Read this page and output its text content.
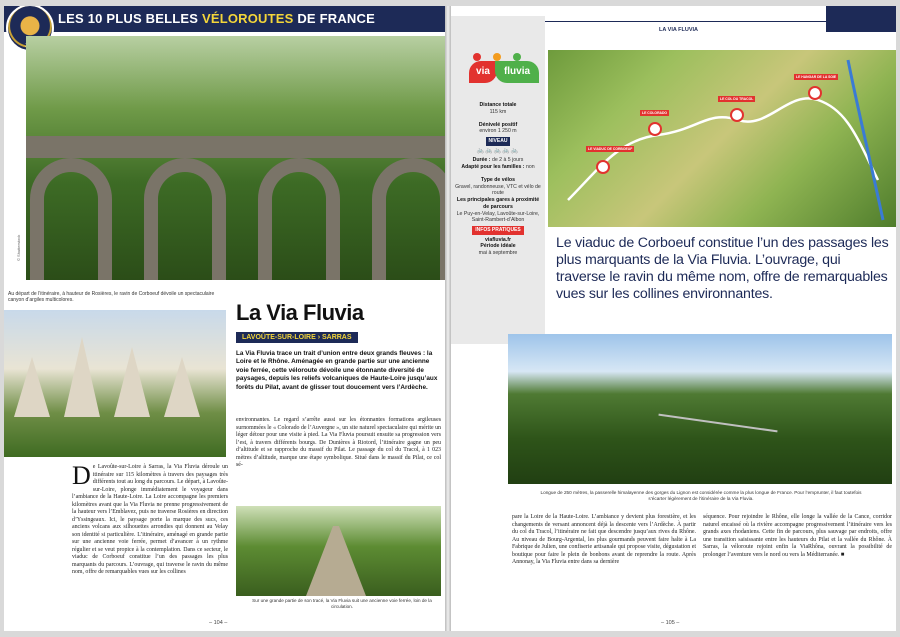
LES 10 PLUS BELLES VÉLOROUTES DE FRANCE
© Shutterstock
Au départ de l’itinéraire, à hauteur de Rosières, le ravin de Corboeuf dévoile un spectaculaire canyon d’argiles multicolores.	La Via Fluvia
LAVOÛTE-SUR-LOIRE › SARRAS
La Via Fluvia trace un trait d’union entre deux grands fleuves : la Loire et le Rhône. Aménagée en grande partie sur une ancienne voie ferrée, cette véloroute dévoile une étonnante diversité de paysages, depuis les reliefs volcaniques de Haute-Loire jusqu’aux forêts du Pilat, avant de glisser tout doucement vers l’Ardèche.
De Lavoûte-sur-Loire à Sarras, la Via Fluvia déroule un itinéraire sur 115 kilomètres à travers des paysages très différents tout au long du parcours. Le départ, à Lavoûte-sur-Loire, plonge immédiatement le voyageur dans l’ambiance de la Haute-Loire. La Loire accompagne les premiers kilomètres avant que la Via Fluvia ne prenne progressivement de la hauteur vers l’Emblavez, puis ne traverse Rosières en direction d’Yssingeaux. Ici, le paysage porte la marque des sucs, ces anciens volcans aux silhouettes arrondies qui donnent au Velay son identité si particulière. L’itinéraire, aménagé en grande partie sur une ancienne voie ferrée, permet d’avancer à un rythme régulier et se veut propice à la contemplation. Dans ce secteur, le viaduc de Corboeuf constitue l’un des passages les plus marquants du parcours. L’ouvrage, qui traverse le ravin du même nom, offre de remarquables vues sur les collines
environnantes. Le regard s’arrête aussi sur les étonnantes formations argileuses surnommées le « Colorado de l’Auvergne », un site naturel spectaculaire qui mérite un léger détour pour une visite à pied. La Via Fluvia poursuit ensuite sa progression vers l’est, à travers différents bourgs. De Dunières à Riotord, l’itinéraire gagne un peu d’altitude et se rapproche du massif du Pilat. Le passage du col du Tracol, à 1 023 mètres d’altitude, marque une étape symbolique. Situé dans le massif du Pilat, ce col sé-
Sur une grande partie de son tracé, la Via Fluvia suit une ancienne voie ferrée, loin de la circulation.
– 104 –
LA VIA FLUVIA
via	fluvia
Distance totale
115 km
Dénivelé positif
environ 1 250 m
NIVEAU
🚲🚲🚲🚲🚲
Durée : de 2 à 5 jours
Adapté pour les familles : non
Type de vélos
Gravel, randonneuse, VTC et vélo de route
Les principales gares à proximité de parcours
Le Puy-en-Velay, Lavoûte-sur-Loire, Saint-Rambert-d’Albon
INFOS PRATIQUES
viafluvia.fr
Période idéale
mai à septembre
LE VIADUC DE CORBOEUF
LE COLORADO
LE COL DU TRACOL
LE HANGAR DE LA SOIE
Le viaduc de Corboeuf constitue l’un des passages les plus marquants de la Via Fluvia. L’ouvrage, qui traverse le ravin du même nom, offre de remarquables vues sur les collines environnantes.
Longue de 250 mètres, la passerelle himalayenne des gorges du Lignon est considérée comme la plus longue de France. Pour l’emprunter, il faut toutefois s’écarter légèrement de l’itinéraire de la Via Fluvia.
pare la Loire de la Haute-Loire. L’ambiance y devient plus forestière, et les changements de versant annoncent déjà la descente vers l’Ardèche. À partir du col du Tracol, l’itinéraire ne fait que descendre jusqu’aux rives du Rhône. Au niveau de Bourg-Argental, les plus gourmands peuvent faire halte à La Fabrique de Julien, une confiserie artisanale qui propose visite, dégustation et boutique pour faire le plein de bonbons avant de reprendre la route. Après Annonay, la Via Fluvia entre dans sa dernière
séquence. Pour rejoindre le Rhône, elle longe la vallée de la Cance, corridor naturel encaissé où la rivière accompagne progressivement l’itinéraire vers les grands axes rhodaniens. Cette fin de parcours, plus sauvage par endroits, offre une transition saisissante entre les hauteurs du Pilat et la vallée du Rhône. À Sarras, la véloroute rejoint enfin la ViaRhôna, ouvrant la possibilité de prolonger l’aventure vers le nord ou vers la Méditerranée. ■
– 105 –
